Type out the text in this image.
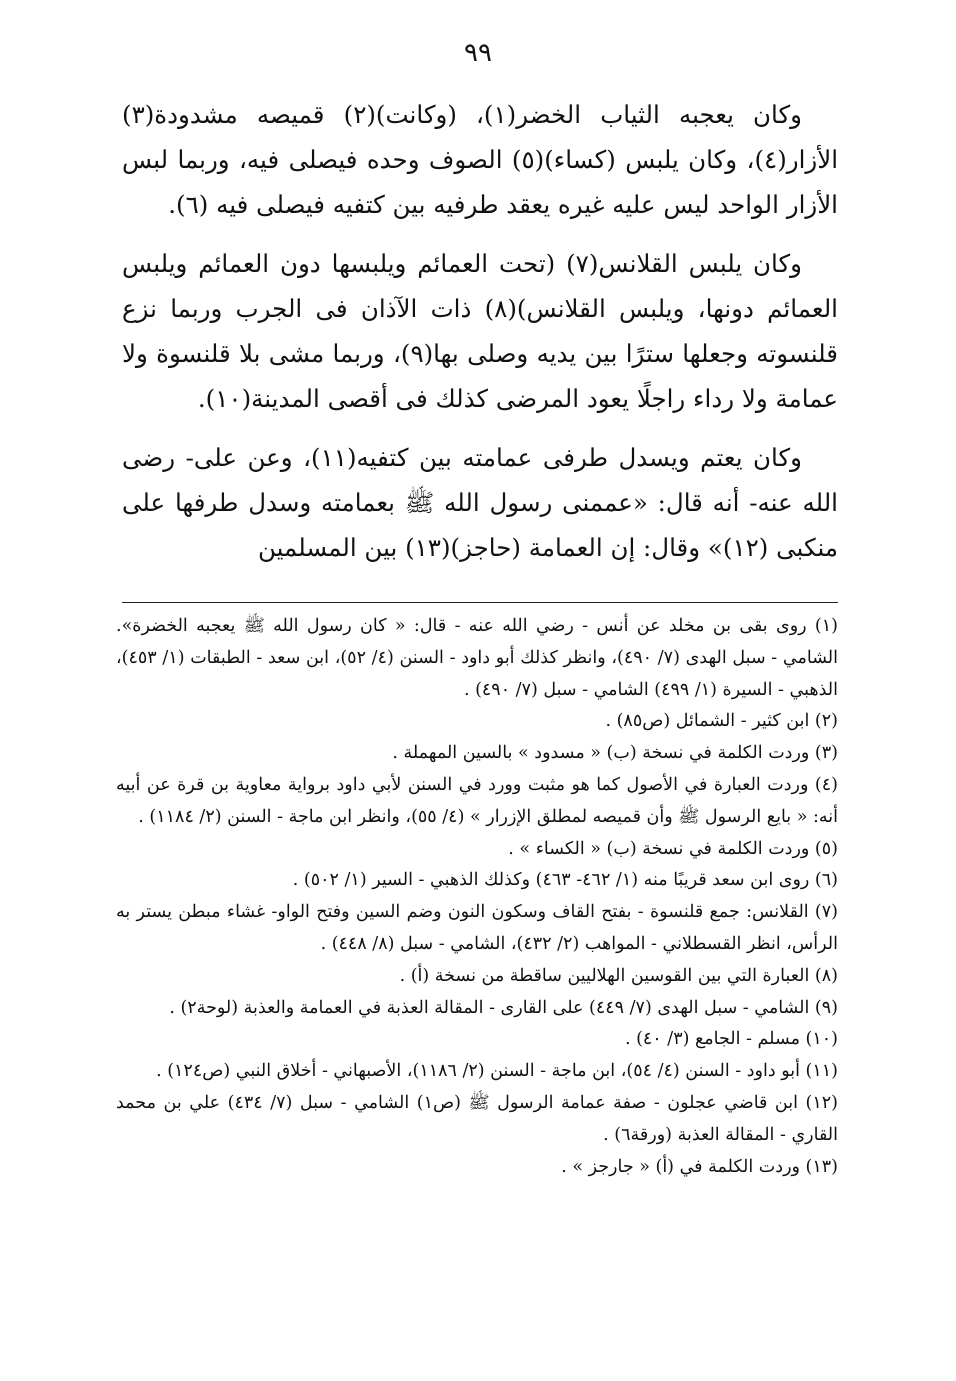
٩٩

وكان يعجبه الثياب الخضر(١)، (وكانت)(٢) قميصه مشدودة(٣) الأزار(٤)، وكان يلبس (كساء)(٥) الصوف وحده فيصلى فيه، وربما لبس الأزار الواحد ليس عليه غيره يعقد طرفيه بين كتفيه فيصلى فيه (٦).

وكان يلبس القلانس(٧) (تحت العمائم ويلبسها دون العمائم ويلبس العمائم دونها، ويلبس القلانس)(٨) ذات الآذان فى الجرب وربما نزع قلنسوته وجعلها سترًا بين يديه وصلى بها(٩)، وربما مشى بلا قلنسوة ولا عمامة ولا رداء راجلًا يعود المرضى كذلك فى أقصى المدينة(١٠).

وكان يعتم ويسدل طرفى عمامته بين كتفيه(١١)، وعن على- رضى الله عنه- أنه قال: «عممنى رسول الله ﷺ بعمامته وسدل طرفها على منكبى (١٢)» وقال: إن العمامة (حاجز)(١٣) بين المسلمين

(١) روى بقى بن مخلد عن أنس - رضي الله عنه - قال: « كان رسول الله ﷺ يعجبه الخضرة». الشامي - سبل الهدى (٧/ ٤٩٠)، وانظر كذلك أبو داود - السنن (٤/ ٥٢)، ابن سعد - الطبقات (١/ ٤٥٣)، الذهبي - السيرة (١/ ٤٩٩) الشامي - سبل (٧/ ٤٩٠) .

(٢) ابن كثير - الشمائل (ص٨٥) .

(٣) وردت الكلمة في نسخة (ب) « مسدود » بالسين المهملة .

(٤) وردت العبارة في الأصول كما هو مثبت وورد في السنن لأبي داود برواية معاوية بن قرة عن أبيه أنه: « بايع الرسول ﷺ وأن قميصه لمطلق الإزرار » (٤/ ٥٥)، وانظر ابن ماجة - السنن (٢/ ١١٨٤) .

(٥) وردت الكلمة في نسخة (ب) « الكساء » .

(٦) روى ابن سعد قريبًا منه (١/ ٤٦٢- ٤٦٣) وكذلك الذهبي - السير (١/ ٥٠٢) .

(٧) القلانس: جمع قلنسوة - بفتح القاف وسكون النون وضم السين وفتح الواو- غشاء مبطن يستر به الرأس، انظر القسطلاني - المواهب (٢/ ٤٣٢)، الشامي - سبل (٨/ ٤٤٨) .

(٨) العبارة التي بين القوسين الهلاليين ساقطة من نسخة (أ) .

(٩) الشامي - سبل الهدى (٧/ ٤٤٩) على القارى - المقالة العذبة في العمامة والعذبة (لوحة٢) .

(١٠) مسلم - الجامع (٣/ ٤٠) .

(١١) أبو داود - السنن (٤/ ٥٤)، ابن ماجة - السنن (٢/ ١١٨٦)، الأصبهاني - أخلاق النبي (ص١٢٤) .

(١٢) ابن قاضي عجلون - صفة عمامة الرسول ﷺ (ص١) الشامي - سبل (٧/ ٤٣٤) علي بن محمد القاري - المقالة العذبة (ورقة٦) .

(١٣) وردت الكلمة في (أ) « جارجز » .
